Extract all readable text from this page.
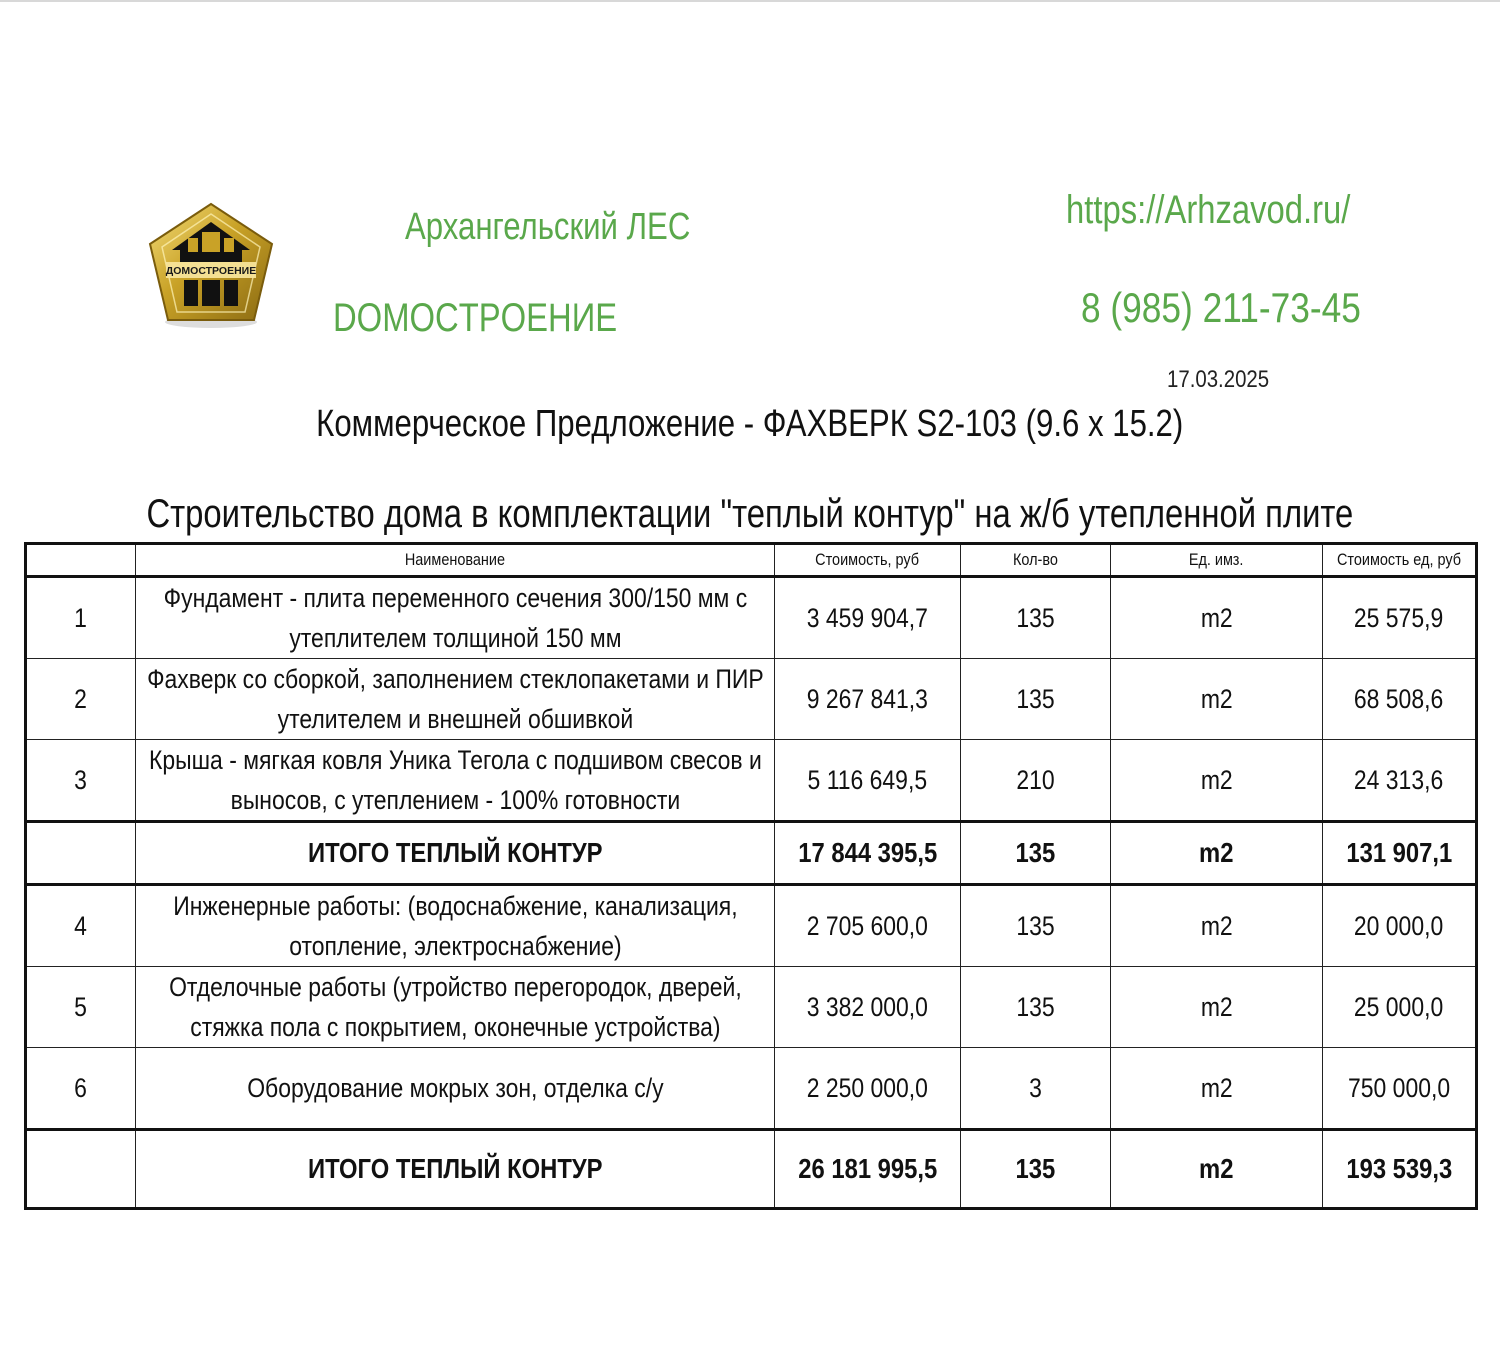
ДОМОСТРОЕНИЕ
Архангельский ЛЕС
DOMOCTPOEHИE
https://Arhzavod.ru/
8 (985) 211-73-45
17.03.2025
Коммерческое Предложение - ФАХВЕРК S2-103 (9.6 x 15.2)
Строительство дома в комплектации "теплый контур" на ж/б утепленной плите
	Наименование	Стоимость, руб	Кол-во	Ед. имз.	Стоимость ед, руб
1	Фундамент - плита переменного сечения 300/150 мм с утеплителем толщиной 150 мм	3 459 904,7	135	m2	25 575,9
2	Фахверк со сборкой, заполнением стеклопакетами и ПИР утелителем и внешней обшивкой	9 267 841,3	135	m2	68 508,6
3	Крыша - мягкая ковля Уника Тегола с подшивом свесов и выносов, с утеплением - 100% готовности	5 116 649,5	210	m2	24 313,6
	ИТОГО ТЕПЛЫЙ КОНТУР	17 844 395,5	135	m2	131 907,1
4	Инженерные работы: (водоснабжение, канализация, отопление, электроснабжение)	2 705 600,0	135	m2	20 000,0
5	Отделочные работы (утройство перегородок, дверей, стяжка пола с покрытием, оконечные устройства)	3 382 000,0	135	m2	25 000,0
6	Оборудование мокрых зон, отделка с/у	2 250 000,0	3	m2	750 000,0
	ИТОГО ТЕПЛЫЙ КОНТУР	26 181 995,5	135	m2	193 539,3
